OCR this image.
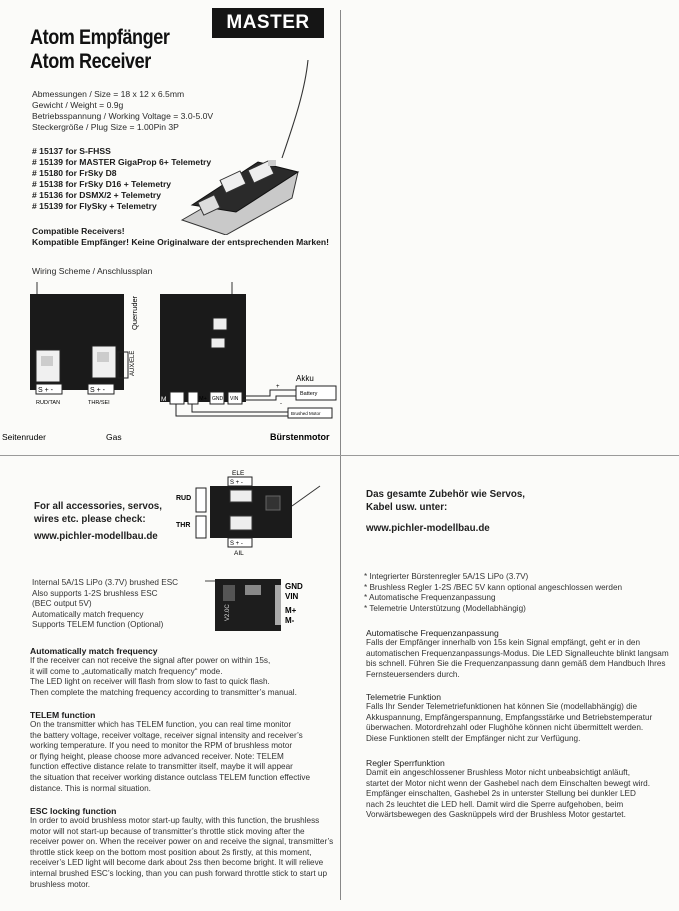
MASTER
Atom Empfänger
Atom Receiver
Abmessungen / Size = 18 x 12 x 6.5mm
Gewicht / Weight = 0.9g
Betriebsspannung / Working Voltage = 3.0-5.0V
Steckergröße / Plug Size = 1.00Pin 3P
# 15137 for S-FHSS
# 15139 for MASTER GigaProp 6+ Telemetry
# 15180 for FrSky D8
# 15138 for FrSky D16 + Telemetry
# 15136 for DSMX/2 + Telemetry
# 15139 for FlySky + Telemetry
Compatible Receivers!
Kompatible Empfänger! Keine Originalware der entsprechenden Marken!
Wiring Scheme / Anschlussplan
Querruder
AUX/ELE
S + -
RUD/TAN
S + -
THR/SEI
Seitenruder	Gas
M	GND VIN
M+
Akku
Battery
+
-
Brushed Motor
Bürstenmotor
For all accessories, servos,
wires etc. please check:
www.pichler-modellbau.de
ELE
S + -
RUD
THR
S + -
AIL
V2.0C
GND
VIN
M+
M-
Internal 5A/1S LiPo (3.7V) brushed ESC
Also supports 1-2S brushless ESC
(BEC output 5V)
Automatically match frequency
Supports TELEM function (Optional)
Automatically match frequency
If the receiver can not receive the signal after power on within 15s,
it will come to „automatically match frequency“ mode.
The LED light on receiver will flash from slow to fast to quick flash.
Then complete the matching frequency according to transmitter’s manual.
TELEM function
On the transmitter which has TELEM function, you can real time monitor
the battery voltage, receiver voltage, receiver signal intensity and receiver’s
working temperature. If you need to monitor the RPM of brushless motor
or flying height, please choose more advanced receiver. Note: TELEM
function effective distance relate to transmitter itself, maybe it will appear
the situation that receiver working distance outclass TELEM function effective
distance. This is normal situation.
ESC locking function
In order to avoid brushless motor start-up faulty, with this function, the brushless
motor will not start-up because of transmitter’s throttle stick moving after the
receiver power on. When the receiver power on and receive the signal, transmitter’s
throttle stick keep on the bottom most position about 2s firstly, at this moment,
receiver’s LED light will become dark about 2ss then become bright. It will relieve
internal brushed ESC’s locking, than you can push forward throttle stick to start up
brushless motor.
Das gesamte Zubehör wie Servos,
Kabel usw. unter:
www.pichler-modellbau.de
* Integrierter Bürstenregler 5A/1S LiPo (3.7V)
* Brushless Regler 1-2S /BEC 5V kann optional angeschlossen werden
* Automatische Frequenzanpassung
* Telemetrie Unterstützung (Modellabhängig)
Automatische Frequenzanpassung
Falls der Empfänger innerhalb von 15s kein Signal empfängt, geht er in den
automatischen Frequenzanpassungs-Modus. Die LED Signalleuchte blinkt langsam
bis schnell. Führen Sie die Frequenzanpassung dann gemäß dem Handbuch Ihres
Fernsteuersenders durch.
Telemetrie Funktion
Falls Ihr Sender Telemetriefunktionen hat können Sie (modellabhängig) die
Akkuspannung, Empfängerspannung, Empfangsstärke und Betriebstemperatur
überwachen. Motordrehzahl oder Flughöhe können nicht übermittelt werden.
Diese Funktionen stellt der Empfänger nicht zur Verfügung.
Regler Sperrfunktion
Damit ein angeschlossener Brushless Motor nicht unbeabsichtigt anläuft,
startet der Motor nicht wenn der Gashebel nach dem Einschalten bewegt wird.
Empfänger einschalten, Gashebel 2s in unterster Stellung bei dunkler LED
nach 2s leuchtet die LED hell. Damit wird die Sperre aufgehoben, beim
Vorwärtsbewegen des Gasknüppels wird der Brushless Motor gestartet.
